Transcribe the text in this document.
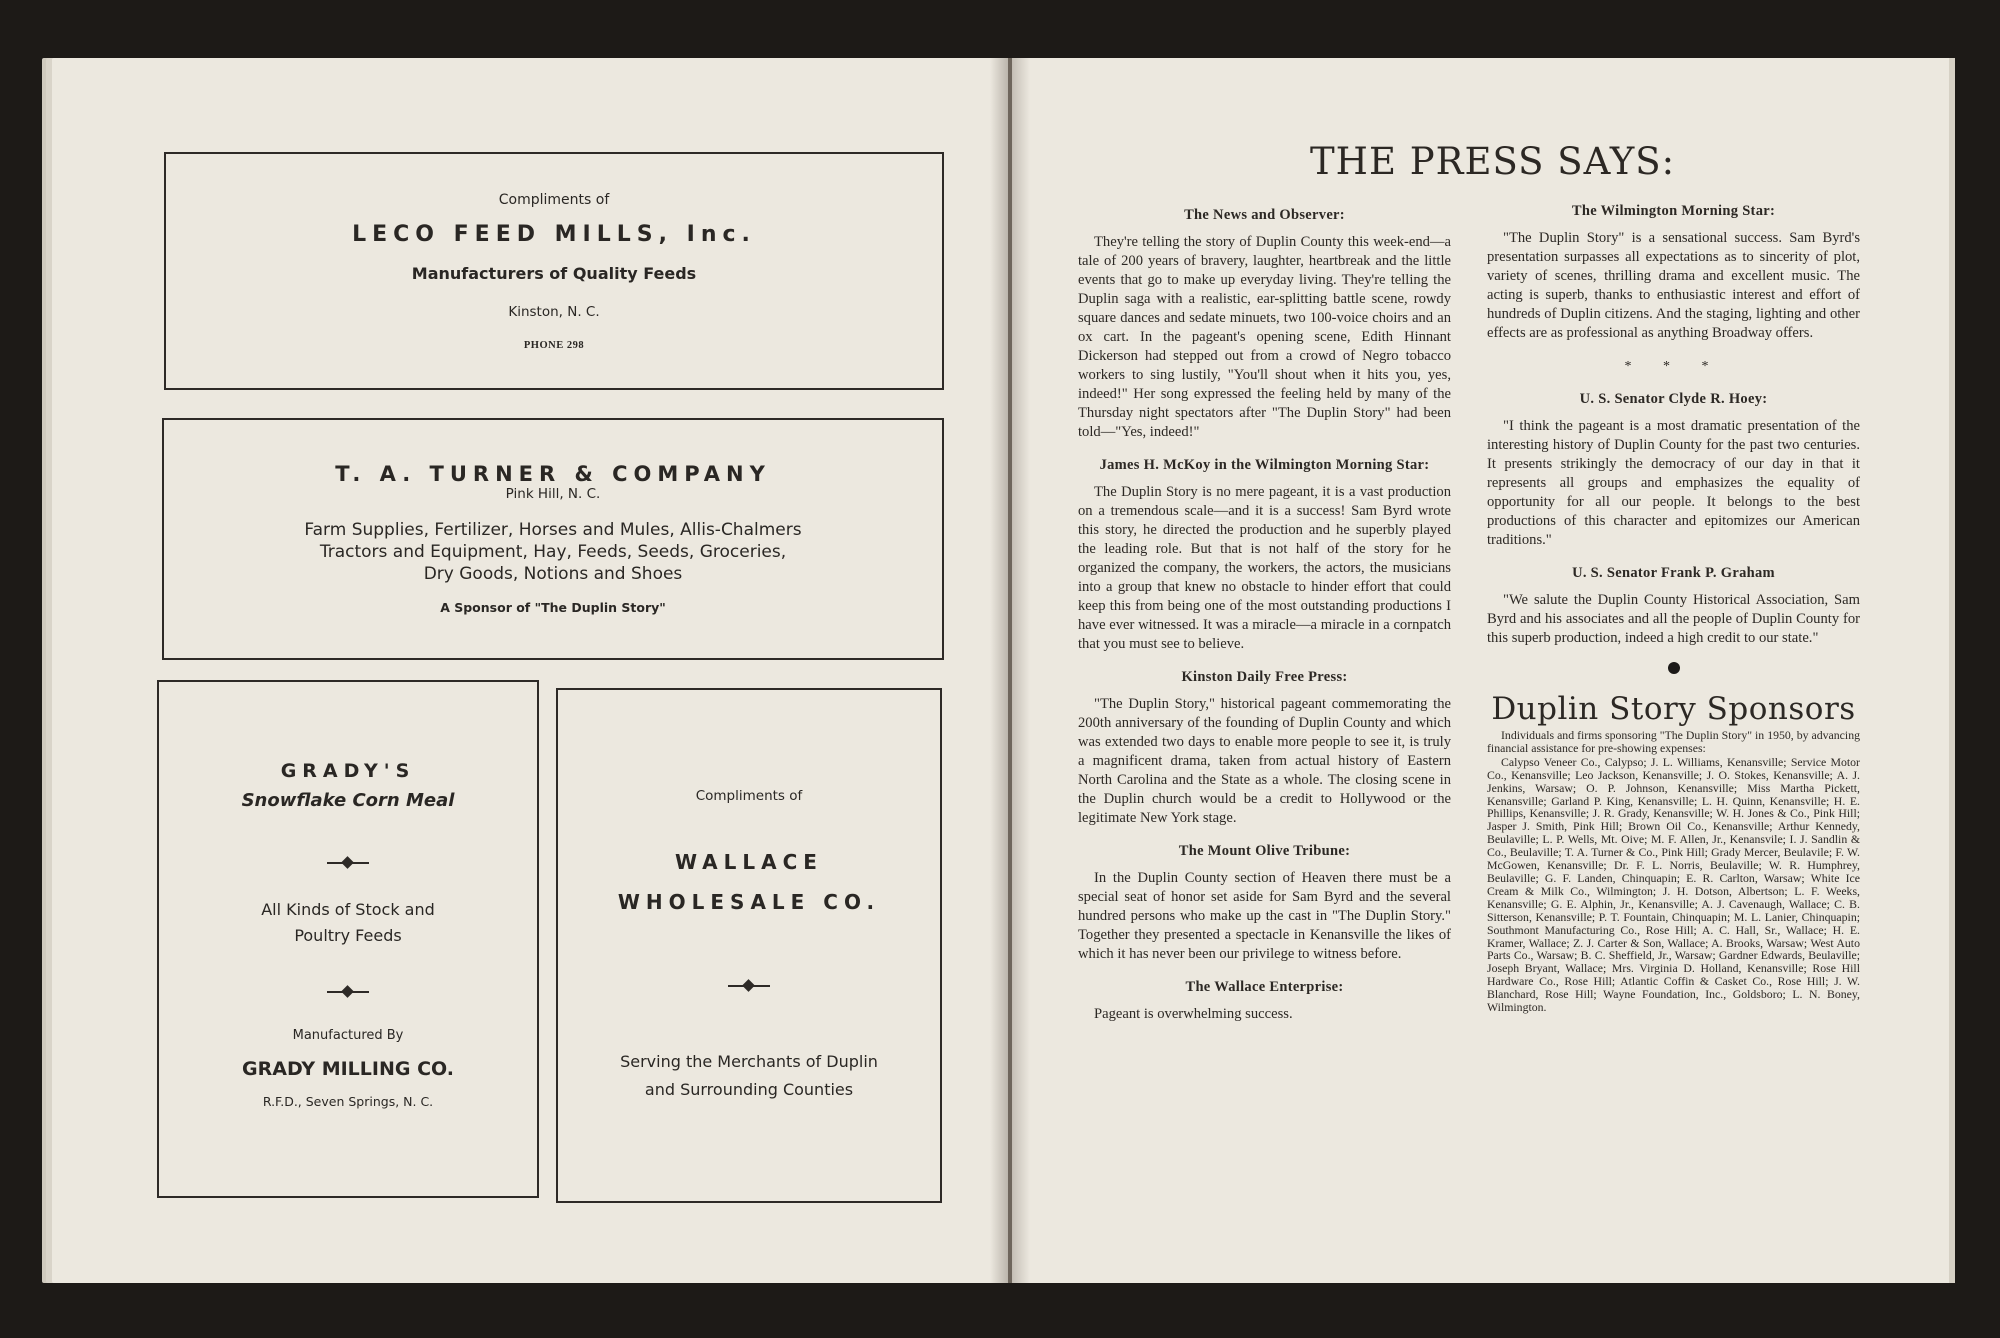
Compliments of
LECO FEED MILLS, Inc.
Manufacturers of Quality Feeds
Kinston, N. C.
PHONE 298
T. A. TURNER & COMPANY
Pink Hill, N. C.
Farm Supplies, Fertilizer, Horses and Mules, Allis-Chalmers
Tractors and Equipment, Hay, Feeds, Seeds, Groceries,
Dry Goods, Notions and Shoes
A Sponsor of "The Duplin Story"
GRADY'S
Snowflake Corn Meal
All Kinds of Stock and
Poultry Feeds
Manufactured By
GRADY MILLING CO.
R.F.D., Seven Springs, N. C.
Compliments of
WALLACE
WHOLESALE CO.
Serving the Merchants of Duplin
and Surrounding Counties
THE PRESS SAYS:
The News and Observer:

They're telling the story of Duplin County this week-end—a tale of 200 years of bravery, laughter, heartbreak and the little events that go to make up everyday living. They're telling the Duplin saga with a realistic, ear-splitting battle scene, rowdy square dances and sedate minuets, two 100-voice choirs and an ox cart. In the pageant's opening scene, Edith Hinnant Dickerson had stepped out from a crowd of Negro tobacco workers to sing lustily, "You'll shout when it hits you, yes, indeed!" Her song expressed the feeling held by many of the Thursday night spectators after "The Duplin Story" had been told—"Yes, indeed!"

James H. McKoy in the Wilmington Morning Star:

The Duplin Story is no mere pageant, it is a vast production on a tremendous scale—and it is a success! Sam Byrd wrote this story, he directed the production and he superbly played the leading role. But that is not half of the story for he organized the company, the workers, the actors, the musicians into a group that knew no obstacle to hinder effort that could keep this from being one of the most outstanding productions I have ever witnessed. It was a miracle—a miracle in a cornpatch that you must see to believe.

Kinston Daily Free Press:

"The Duplin Story," historical pageant commemorating the 200th anniversary of the founding of Duplin County and which was extended two days to enable more people to see it, is truly a magnificent drama, taken from actual history of Eastern North Carolina and the State as a whole. The closing scene in the Duplin church would be a credit to Hollywood or the legitimate New York stage.

The Mount Olive Tribune:

In the Duplin County section of Heaven there must be a special seat of honor set aside for Sam Byrd and the several hundred persons who make up the cast in "The Duplin Story." Together they presented a spectacle in Kenansville the likes of which it has never been our privilege to witness before.

The Wallace Enterprise:

Pageant is overwhelming success.

The Wilmington Morning Star:

"The Duplin Story" is a sensational success. Sam Byrd's presentation surpasses all expectations as to sincerity of plot, variety of scenes, thrilling drama and excellent music. The acting is superb, thanks to enthusiastic interest and effort of hundreds of Duplin citizens. And the staging, lighting and other effects are as professional as anything Broadway offers.

* * *
U. S. Senator Clyde R. Hoey:

"I think the pageant is a most dramatic presentation of the interesting history of Duplin County for the past two centuries. It presents strikingly the democracy of our day in that it represents all groups and emphasizes the equality of opportunity for all our people. It belongs to the best productions of this character and epitomizes our American traditions."

U. S. Senator Frank P. Graham

"We salute the Duplin County Historical Association, Sam Byrd and his associates and all the people of Duplin County for this superb production, indeed a high credit to our state."

Duplin Story Sponsors
Individuals and firms sponsoring "The Duplin Story" in 1950, by advancing financial assistance for pre-showing expenses:
Calypso Veneer Co., Calypso; J. L. Williams, Kenansville; Service Motor Co., Kenansville; Leo Jackson, Kenansville; J. O. Stokes, Kenansville; A. J. Jenkins, Warsaw; O. P. Johnson, Kenansville; Miss Martha Pickett, Kenansville; Garland P. King, Kenansville; L. H. Quinn, Kenansville; H. E. Phillips, Kenansville; J. R. Grady, Kenansville; W. H. Jones & Co., Pink Hill; Jasper J. Smith, Pink Hill; Brown Oil Co., Kenansville; Arthur Kennedy, Beulaville; L. P. Wells, Mt. Oive; M. F. Allen, Jr., Kenansvile; I. J. Sandlin & Co., Beulaville; T. A. Turner & Co., Pink Hill; Grady Mercer, Beulavile; F. W. McGowen, Kenansville; Dr. F. L. Norris, Beulaville; W. R. Humphrey, Beulaville; G. F. Landen, Chinquapin; E. R. Carlton, Warsaw; White Ice Cream & Milk Co., Wilmington; J. H. Dotson, Albertson; L. F. Weeks, Kenansville; G. E. Alphin, Jr., Kenansville; A. J. Cavenaugh, Wallace; C. B. Sitterson, Kenansville; P. T. Fountain, Chinquapin; M. L. Lanier, Chinquapin; Southmont Manufacturing Co., Rose Hill; A. C. Hall, Sr., Wallace; H. E. Kramer, Wallace; Z. J. Carter & Son, Wallace; A. Brooks, Warsaw; West Auto Parts Co., Warsaw; B. C. Sheffield, Jr., Warsaw; Gardner Edwards, Beulaville; Joseph Bryant, Wallace; Mrs. Virginia D. Holland, Kenansville; Rose Hill Hardware Co., Rose Hill; Atlantic Coffin & Casket Co., Rose Hill; J. W. Blanchard, Rose Hill; Wayne Foundation, Inc., Goldsboro; L. N. Boney, Wilmington.
